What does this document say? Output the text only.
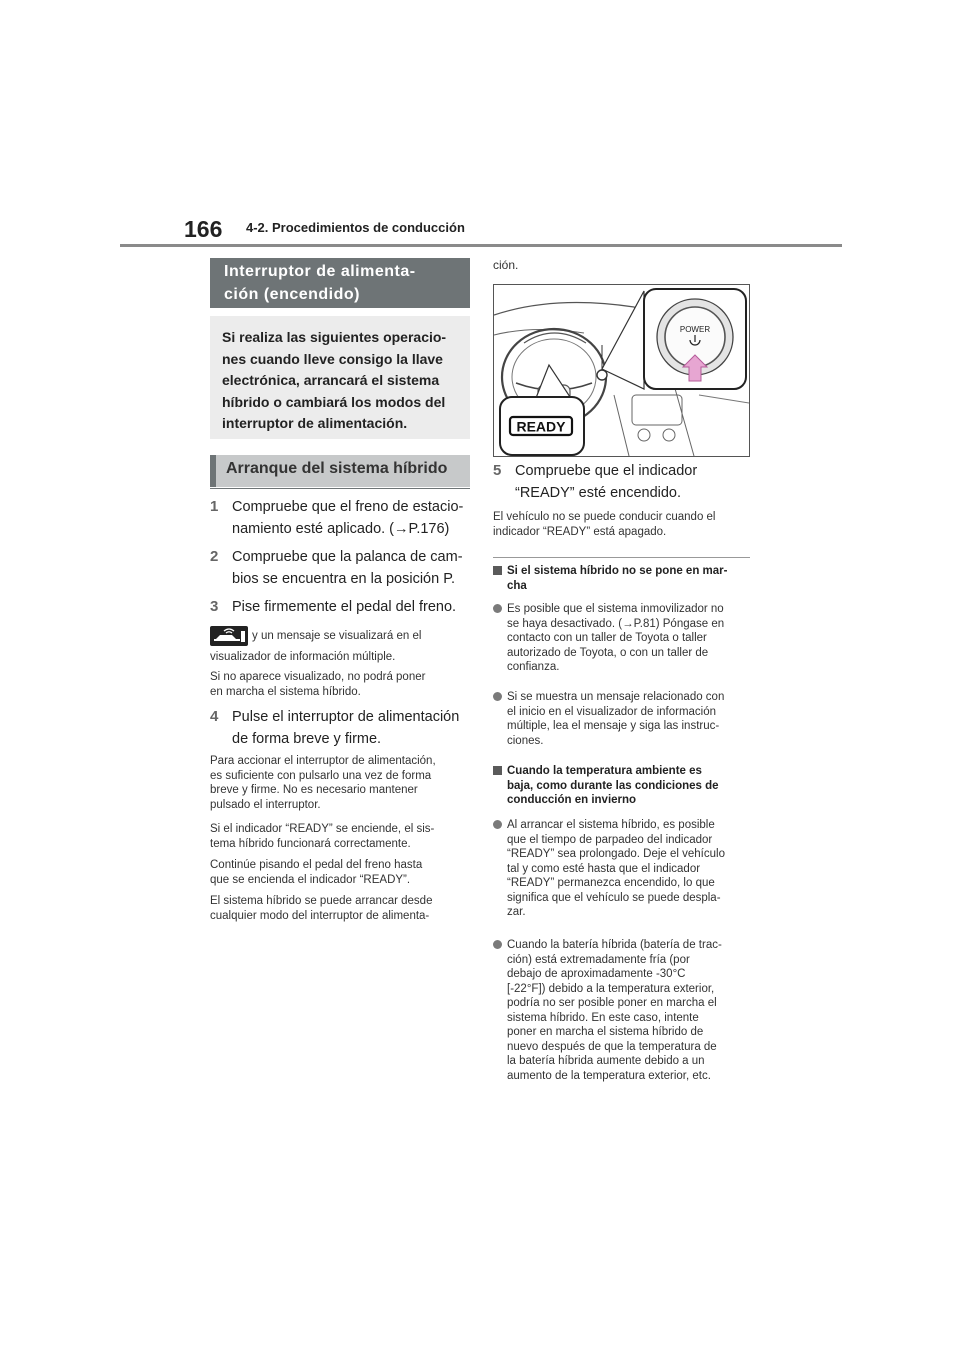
166 4-2. Procedimientos de conducción
Interruptor de alimenta-
ción (encendido)
Si realiza las siguientes operacio-
nes cuando lleve consigo la llave
electrónica, arrancará el sistema
híbrido o cambiará los modos del
interruptor de alimentación.
Arranque del sistema híbrido
1 Compruebe que el freno de estacio-
namiento esté aplicado. (→P.176)
2 Compruebe que la palanca de cam-
bios se encuentra en la posición P.
3 Pise firmemente el pedal del freno.
y un mensaje se visualizará en el
visualizador de información múltiple.
Si no aparece visualizado, no podrá poner
en marcha el sistema híbrido.
4 Pulse el interruptor de alimentación
de forma breve y firme.
Para accionar el interruptor de alimentación,
es suficiente con pulsarlo una vez de forma
breve y firme. No es necesario mantener
pulsado el interruptor.
Si el indicador “READY” se enciende, el sis-
tema híbrido funcionará correctamente.
Continúe pisando el pedal del freno hasta
que se encienda el indicador “READY”.
El sistema híbrido se puede arrancar desde
cualquier modo del interruptor de alimenta-
ción.
POWER
READY
5 Compruebe que el indicador
“READY” esté encendido.
El vehículo no se puede conducir cuando el
indicador “READY” está apagado.
Si el sistema híbrido no se pone en mar-
cha
Es posible que el sistema inmovilizador no
se haya desactivado. (→P.81) Póngase en
contacto con un taller de Toyota o taller
autorizado de Toyota, o con un taller de
confianza.
Si se muestra un mensaje relacionado con
el inicio en el visualizador de información
múltiple, lea el mensaje y siga las instruc-
ciones.
Cuando la temperatura ambiente es
baja, como durante las condiciones de
conducción en invierno
Al arrancar el sistema híbrido, es posible
que el tiempo de parpadeo del indicador
“READY” sea prolongado. Deje el vehículo
tal y como esté hasta que el indicador
“READY” permanezca encendido, lo que
significa que el vehículo se puede despla-
zar.
Cuando la batería híbrida (batería de trac-
ción) está extremadamente fría (por
debajo de aproximadamente -30°C
[-22°F]) debido a la temperatura exterior,
podría no ser posible poner en marcha el
sistema híbrido. En este caso, intente
poner en marcha el sistema híbrido de
nuevo después de que la temperatura de
la batería híbrida aumente debido a un
aumento de la temperatura exterior, etc.
